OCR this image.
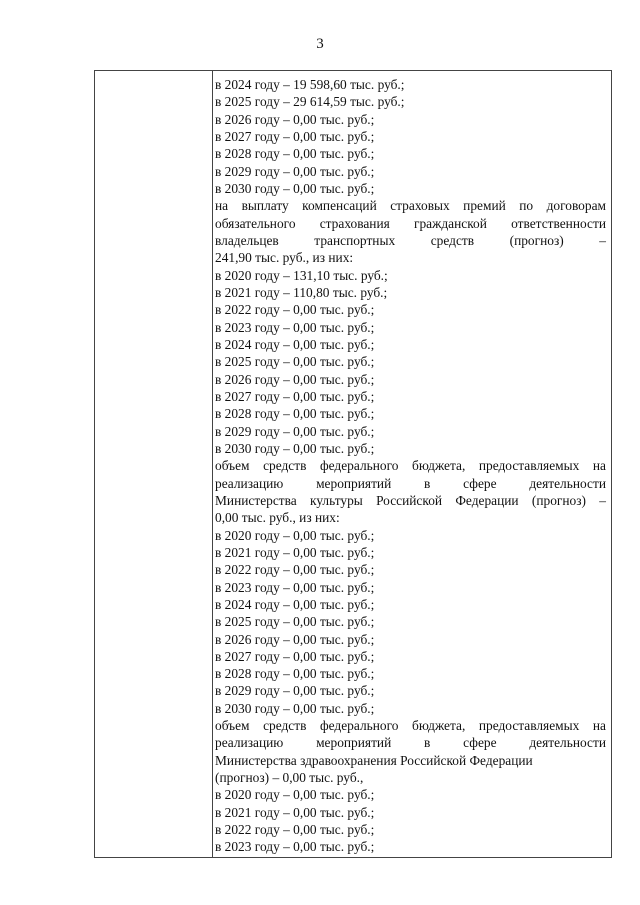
3
в 2024 году – 19 598,60 тыс. руб.;
в 2025 году – 29 614,59 тыс. руб.;
в 2026 году – 0,00 тыс. руб.;
в 2027 году – 0,00 тыс. руб.;
в 2028 году – 0,00 тыс. руб.;
в 2029 году – 0,00 тыс. руб.;
в 2030 году – 0,00 тыс. руб.;
на выплату компенсаций страховых премий по договорам
обязательного страхования гражданской ответственности
владельцев транспортных средств (прогноз) –
241,90 тыс. руб., из них:
в 2020 году – 131,10 тыс. руб.;
в 2021 году – 110,80 тыс. руб.;
в 2022 году – 0,00 тыс. руб.;
в 2023 году – 0,00 тыс. руб.;
в 2024 году – 0,00 тыс. руб.;
в 2025 году – 0,00 тыс. руб.;
в 2026 году – 0,00 тыс. руб.;
в 2027 году – 0,00 тыс. руб.;
в 2028 году – 0,00 тыс. руб.;
в 2029 году – 0,00 тыс. руб.;
в 2030 году – 0,00 тыс. руб.;
объем средств федерального бюджета, предоставляемых на
реализацию мероприятий в сфере деятельности
Министерства культуры Российской Федерации (прогноз) –
0,00 тыс. руб., из них:
в 2020 году – 0,00 тыс. руб.;
в 2021 году – 0,00 тыс. руб.;
в 2022 году – 0,00 тыс. руб.;
в 2023 году – 0,00 тыс. руб.;
в 2024 году – 0,00 тыс. руб.;
в 2025 году – 0,00 тыс. руб.;
в 2026 году – 0,00 тыс. руб.;
в 2027 году – 0,00 тыс. руб.;
в 2028 году – 0,00 тыс. руб.;
в 2029 году – 0,00 тыс. руб.;
в 2030 году – 0,00 тыс. руб.;
объем средств федерального бюджета, предоставляемых на
реализацию мероприятий в сфере деятельности
Министерства здравоохранения Российской Федерации
(прогноз) – 0,00 тыс. руб.,
в 2020 году – 0,00 тыс. руб.;
в 2021 году – 0,00 тыс. руб.;
в 2022 году – 0,00 тыс. руб.;
в 2023 году – 0,00 тыс. руб.;
